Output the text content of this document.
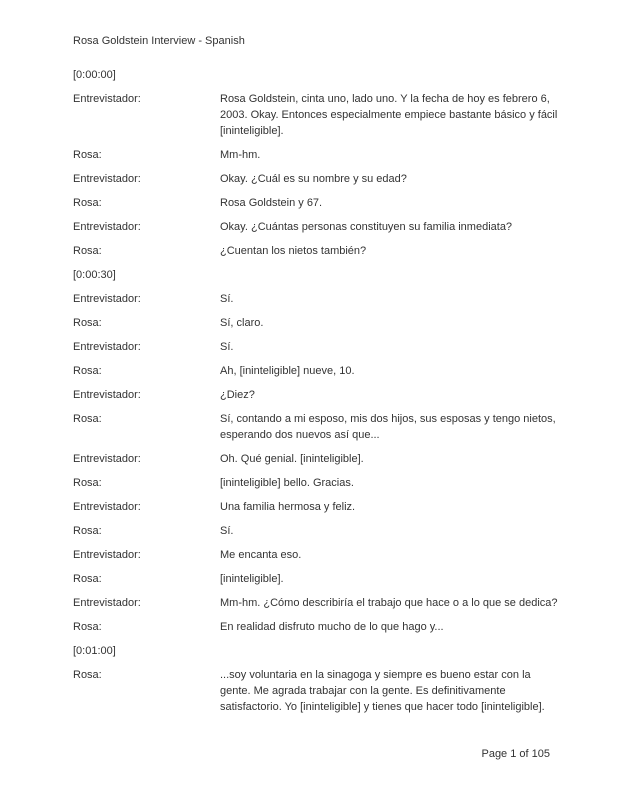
Rosa Goldstein Interview - Spanish
[0:00:00]
Entrevistador:	Rosa Goldstein, cinta uno, lado uno. Y la fecha de hoy es febrero 6, 2003. Okay. Entonces especialmente empiece bastante básico y fácil [ininteligible].
Rosa:	Mm-hm.
Entrevistador:	Okay. ¿Cuál es su nombre y su edad?
Rosa:	Rosa Goldstein y 67.
Entrevistador:	Okay. ¿Cuántas personas constituyen su familia inmediata?
Rosa:	¿Cuentan los nietos también?
[0:00:30]
Entrevistador:	Sí.
Rosa:	Sí, claro.
Entrevistador:	Sí.
Rosa:	Ah, [ininteligible] nueve, 10.
Entrevistador:	¿Diez?
Rosa:	Sí, contando a mi esposo, mis dos hijos, sus esposas y tengo nietos, esperando dos nuevos así que...
Entrevistador:	Oh. Qué genial. [ininteligible].
Rosa:	[ininteligible] bello. Gracias.
Entrevistador:	Una familia hermosa y feliz.
Rosa:	Sí.
Entrevistador:	Me encanta eso.
Rosa:	[ininteligible].
Entrevistador:	Mm-hm. ¿Cómo describiría el trabajo que hace o a lo que se dedica?
Rosa:	En realidad disfruto mucho de lo que hago y...
[0:01:00]
Rosa:	...soy voluntaria en la sinagoga y siempre es bueno estar con la gente. Me agrada trabajar con la gente. Es definitivamente satisfactorio. Yo [ininteligible] y tienes que hacer todo [ininteligible].
Page 1 of 105
